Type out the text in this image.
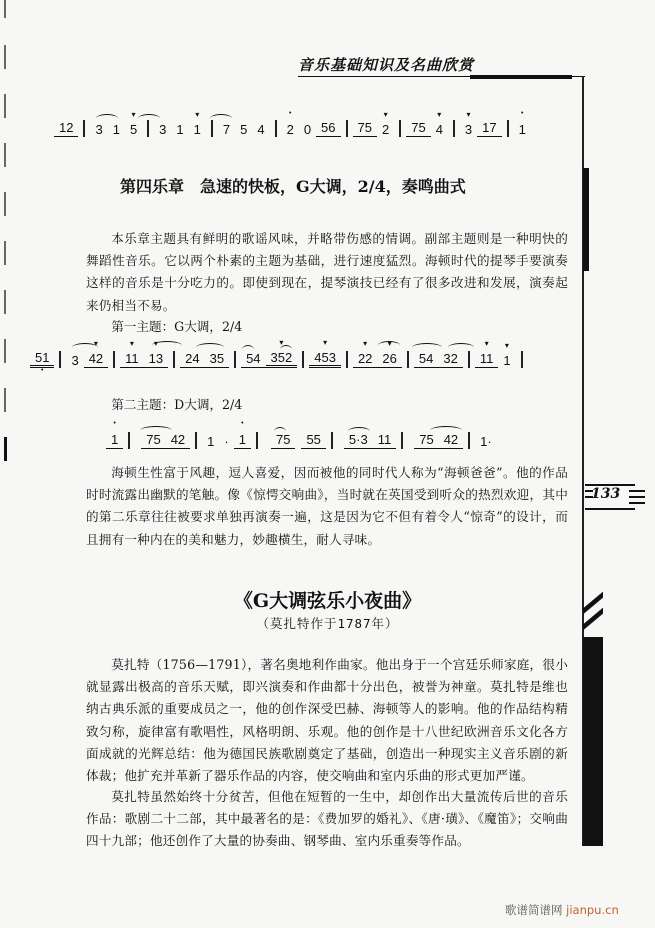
音乐基础知识及名曲欣赏
133
12	3 1 ▾ 5	3 1 ▾ 1	7 5 4	• 2 0 56	75 ▾ 2	75 ▾ 4	▾ 3 17	• 1
第四乐章　急速的快板，G大调，2/4，奏鸣曲式
本乐章主题具有鲜明的歌谣风味，并略带伤感的情调。副部主题则是一种明快的舞蹈性音乐。它以两个朴素的主题为基础，进行速度猛烈。海顿时代的提琴手要演奏这样的音乐是十分吃力的。即使到现在，提琴演技已经有了很多改进和发展，演奏起来仍相当不易。
第一主题：G大调，2/4
51 •	3 ▾ 42	▾ 11 ▾ 13	24 35	54 ▾ 352	▾ 453	▾ 22 ▾ 26	54 32	▾ 11 ▾ 1
第二主题：D大调，2/4
• 1	75 42	1 · • 1	75	55	5·3 11	75 42	1·
海顿生性富于风趣，逗人喜爱，因而被他的同时代人称为“海顿爸爸”。他的作品时时流露出幽默的笔触。像《惊愕交响曲》，当时就在英国受到听众的热烈欢迎，其中的第二乐章往往被要求单独再演奏一遍，这是因为它不但有着令人“惊奇”的设计，而且拥有一种内在的美和魅力，妙趣横生，耐人寻味。
《G大调弦乐小夜曲》
（莫扎特作于1787年）
莫扎特（1756—1791），著名奥地利作曲家。他出身于一个宫廷乐师家庭，很小就显露出极高的音乐天赋，即兴演奏和作曲都十分出色，被誉为神童。莫扎特是维也纳古典乐派的重要成员之一，他的创作深受巴赫、海顿等人的影响。他的作品结构精致匀称，旋律富有歌唱性，风格明朗、乐观。他的创作是十八世纪欧洲音乐文化各方面成就的光辉总结：他为德国民族歌剧奠定了基础，创造出一种现实主义音乐剧的新体裁；他扩充并革新了器乐作品的内容，使交响曲和室内乐曲的形式更加严谨。
莫扎特虽然始终十分贫苦，但他在短暂的一生中，却创作出大量流传后世的音乐作品：歌剧二十二部，其中最著名的是：《费加罗的婚礼》、《唐·璜》、《魔笛》；交响曲四十九部；他还创作了大量的协奏曲、钢琴曲、室内乐重奏等作品。
歌谱简谱网 jianpu.cn
